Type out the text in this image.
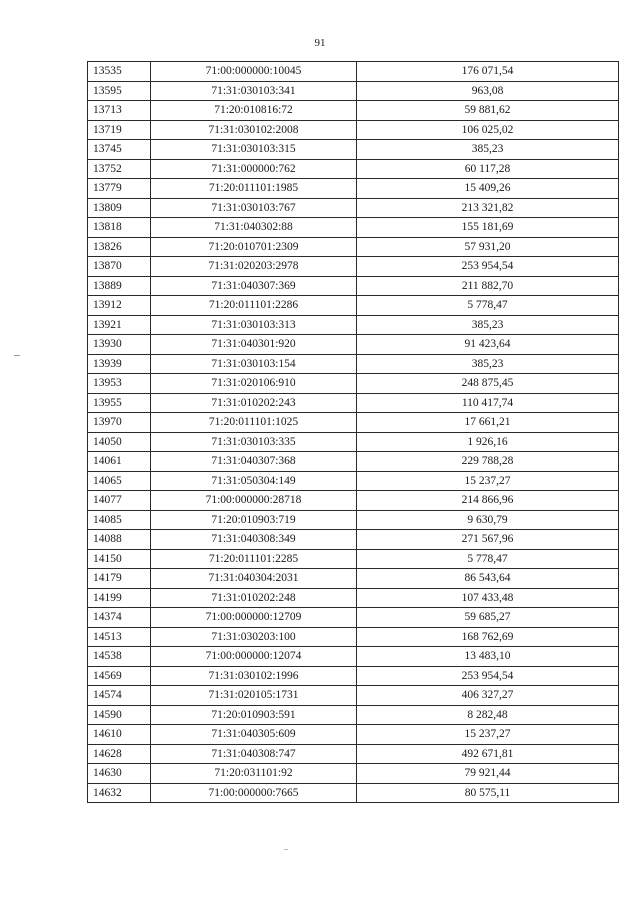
91
13535	71:00:000000:10045	176 071,54
13595	71:31:030103:341	963,08
13713	71:20:010816:72	59 881,62
13719	71:31:030102:2008	106 025,02
13745	71:31:030103:315	385,23
13752	71:31:000000:762	60 117,28
13779	71:20:011101:1985	15 409,26
13809	71:31:030103:767	213 321,82
13818	71:31:040302:88	155 181,69
13826	71:20:010701:2309	57 931,20
13870	71:31:020203:2978	253 954,54
13889	71:31:040307:369	211 882,70
13912	71:20:011101:2286	5 778,47
13921	71:31:030103:313	385,23
13930	71:31:040301:920	91 423,64
13939	71:31:030103:154	385,23
13953	71:31:020106:910	248 875,45
13955	71:31:010202:243	110 417,74
13970	71:20:011101:1025	17 661,21
14050	71:31:030103:335	1 926,16
14061	71:31:040307:368	229 788,28
14065	71:31:050304:149	15 237,27
14077	71:00:000000:28718	214 866,96
14085	71:20:010903:719	9 630,79
14088	71:31:040308:349	271 567,96
14150	71:20:011101:2285	5 778,47
14179	71:31:040304:2031	86 543,64
14199	71:31:010202:248	107 433,48
14374	71:00:000000:12709	59 685,27
14513	71:31:030203:100	168 762,69
14538	71:00:000000:12074	13 483,10
14569	71:31:030102:1996	253 954,54
14574	71:31:020105:1731	406 327,27
14590	71:20:010903:591	8 282,48
14610	71:31:040305:609	15 237,27
14628	71:31:040308:747	492 671,81
14630	71:20:031101:92	79 921,44
14632	71:00:000000:7665	80 575,11
